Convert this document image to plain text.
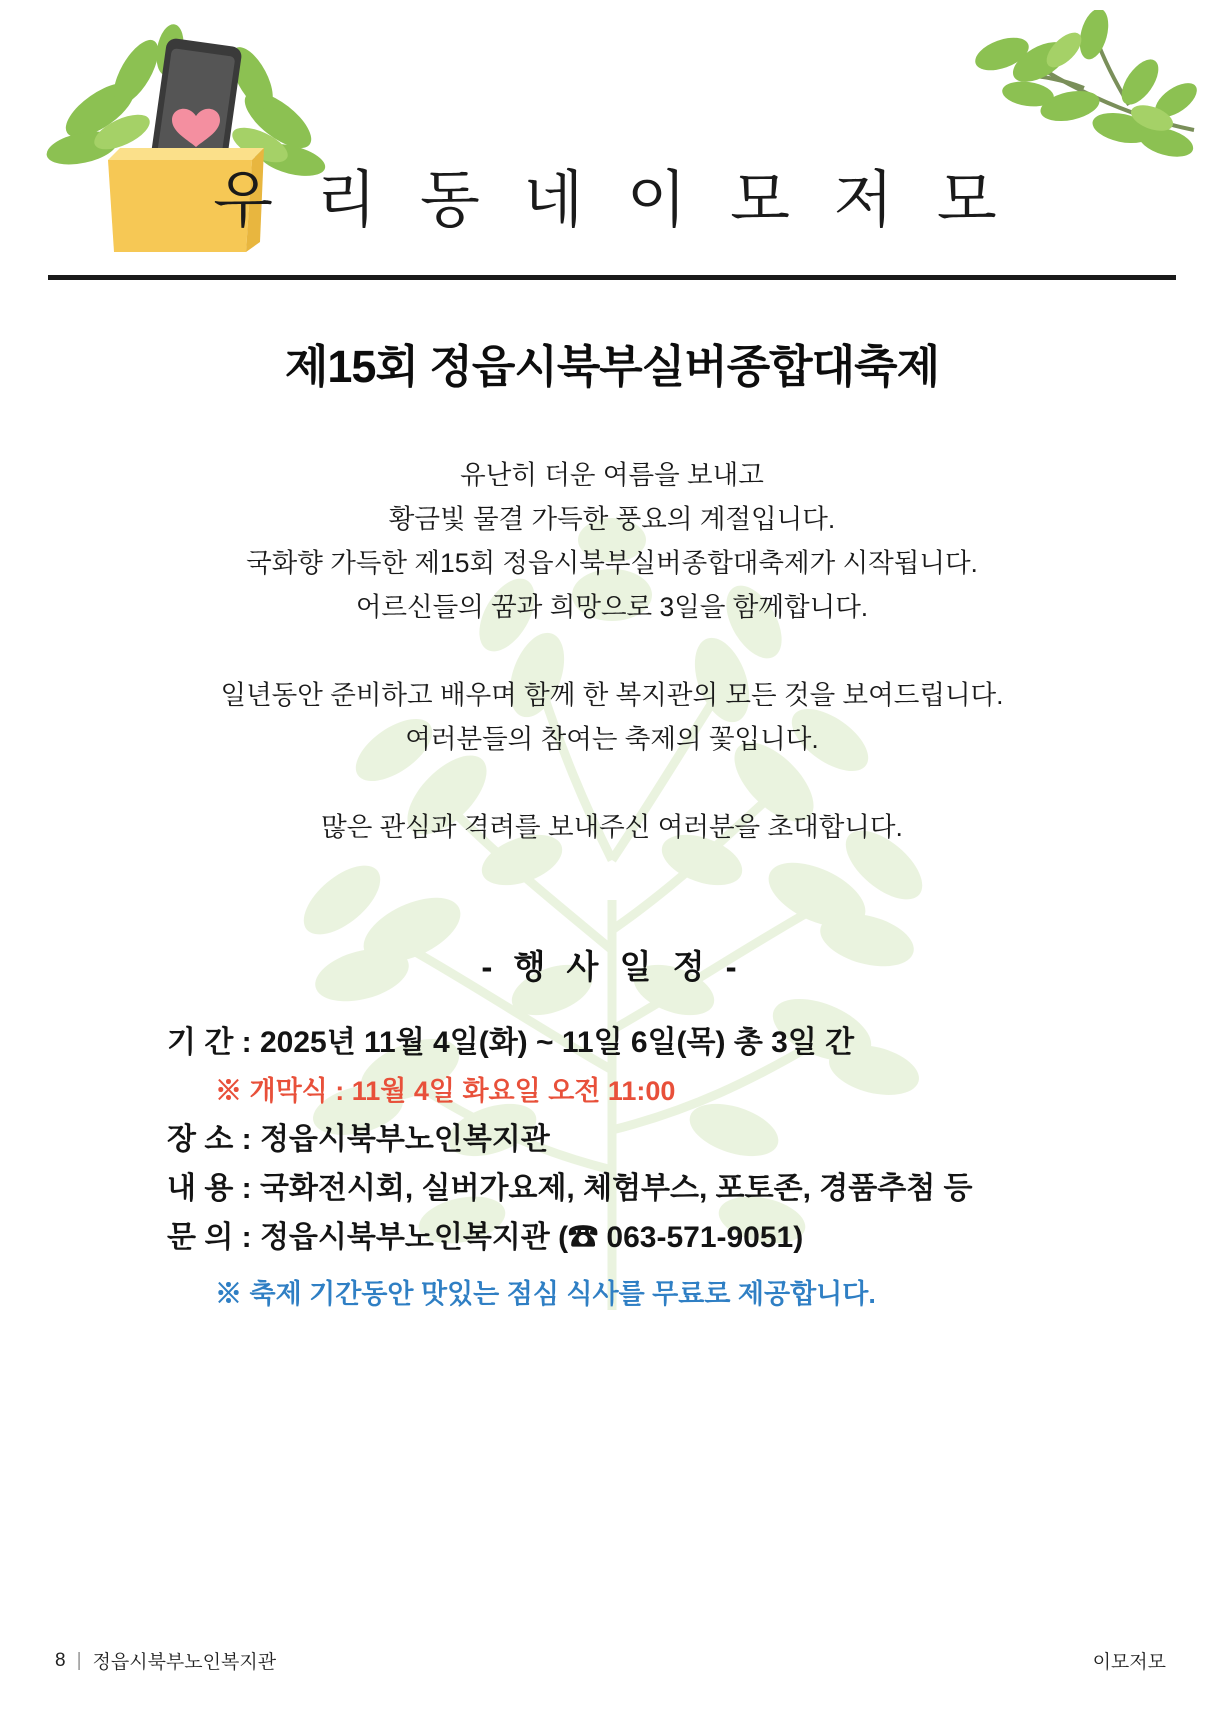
우 리 동 네 이 모 저 모
제15회 정읍시북부실버종합대축제

유난히 더운 여름을 보내고

황금빛 물결 가득한 풍요의 계절입니다.

국화향 가득한 제15회 정읍시북부실버종합대축제가 시작됩니다.

어르신들의 꿈과 희망으로 3일을 함께합니다.

일년동안 준비하고 배우며 함께 한 복지관의 모든 것을 보여드립니다.

여러분들의 참여는 축제의 꽃입니다.

많은 관심과 격려를 보내주신 여러분을 초대합니다.

- 행 사 일 정 -
기 간 : 2025년 11월 4일(화) ~ 11일 6일(목) 총 3일 간
※ 개막식 : 11월 4일 화요일 오전 11:00
장 소 : 정읍시북부노인복지관
내 용 : 국화전시회, 실버가요제, 체험부스, 포토존, 경품추첨 등
문 의 : 정읍시북부노인복지관 (☎ 063-571-9051)
※ 축제 기간동안 맛있는 점심 식사를 무료로 제공합니다.
8 | 정읍시북부노인복지관	이모저모
